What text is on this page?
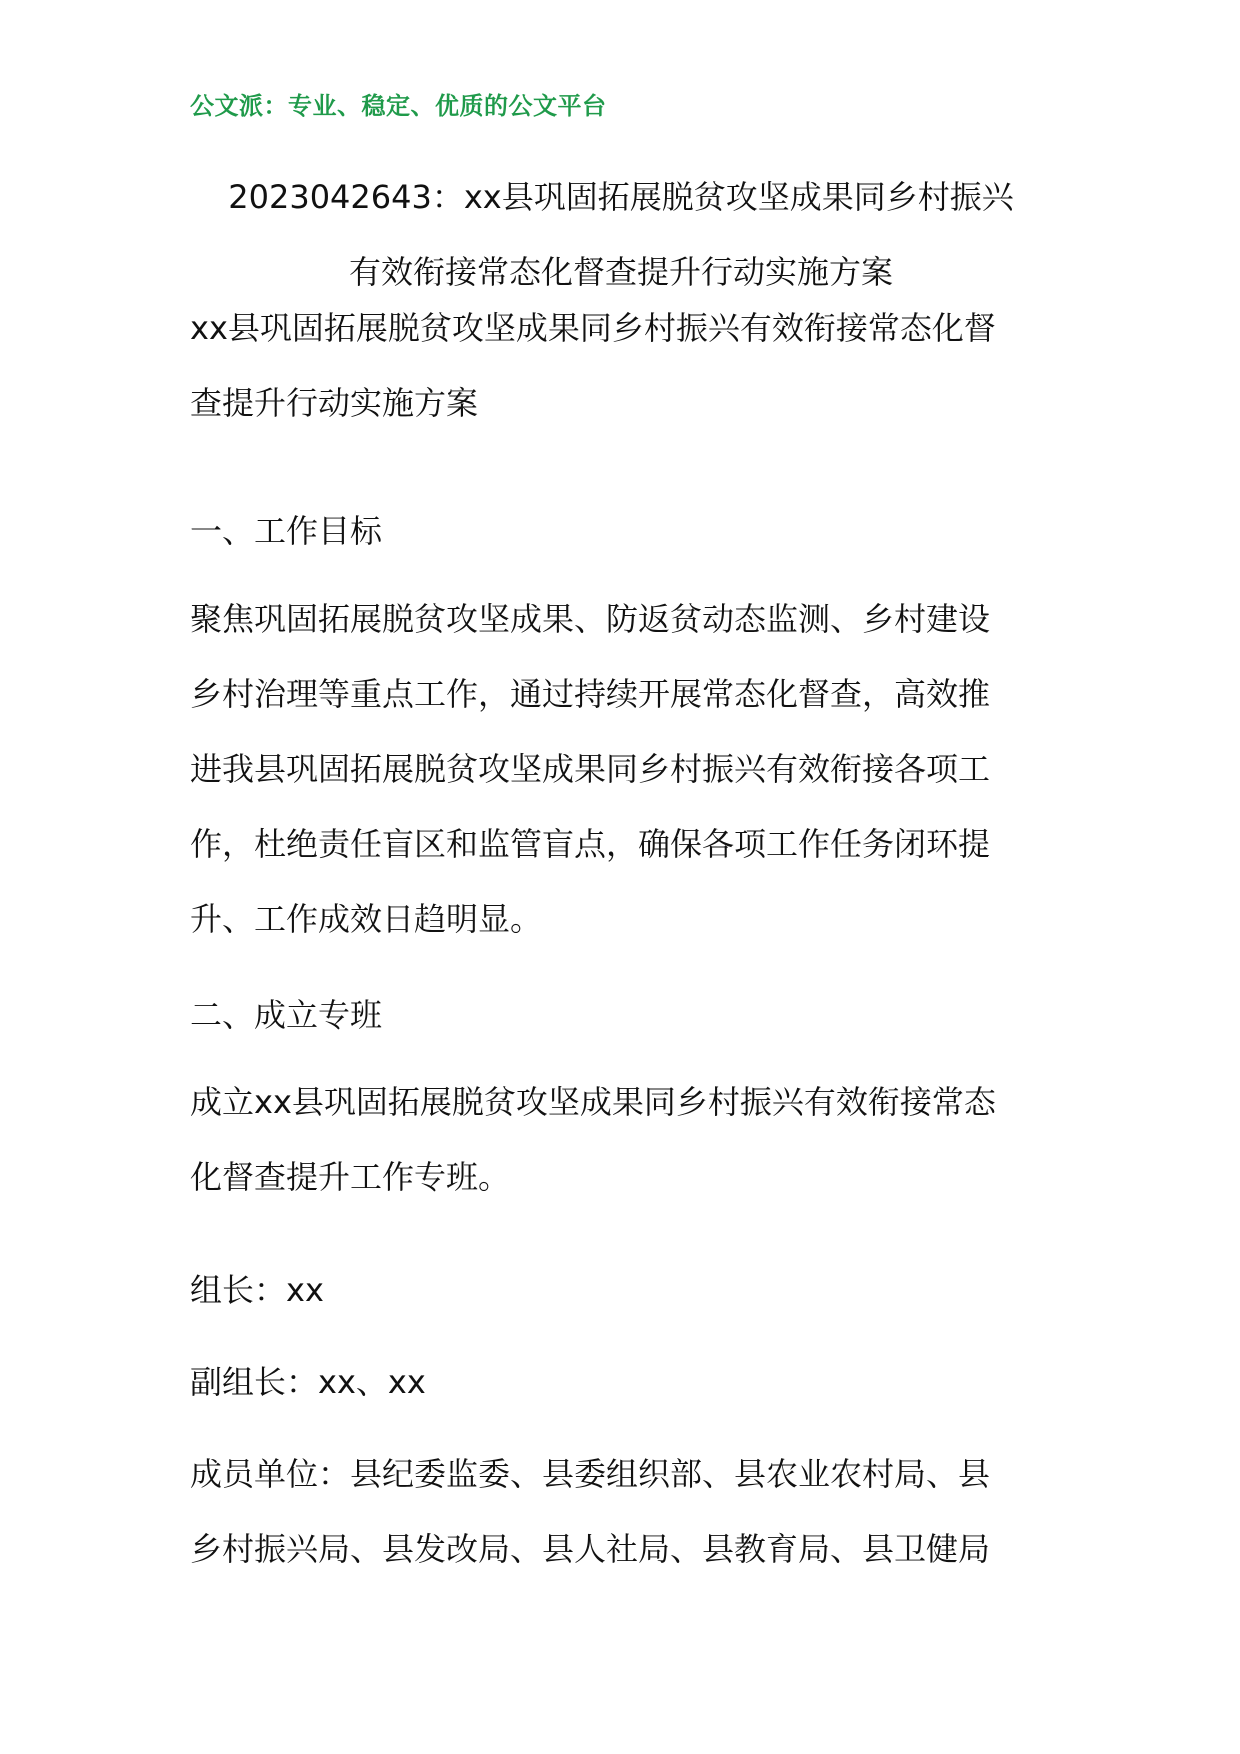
公文派：专业、稳定、优质的公文平台
2023042643：xx县巩固拓展脱贫攻坚成果同乡村振兴
有效衔接常态化督查提升行动实施方案
xx县巩固拓展脱贫攻坚成果同乡村振兴有效衔接常态化督
查提升行动实施方案
一、工作目标
聚焦巩固拓展脱贫攻坚成果、防返贫动态监测、乡村建设
乡村治理等重点工作，通过持续开展常态化督查，高效推
进我县巩固拓展脱贫攻坚成果同乡村振兴有效衔接各项工
作，杜绝责任盲区和监管盲点，确保各项工作任务闭环提
升、工作成效日趋明显。
二、成立专班
成立xx县巩固拓展脱贫攻坚成果同乡村振兴有效衔接常态
化督查提升工作专班。
组长：xx
副组长：xx、xx
成员单位：县纪委监委、县委组织部、县农业农村局、县
乡村振兴局、县发改局、县人社局、县教育局、县卫健局
